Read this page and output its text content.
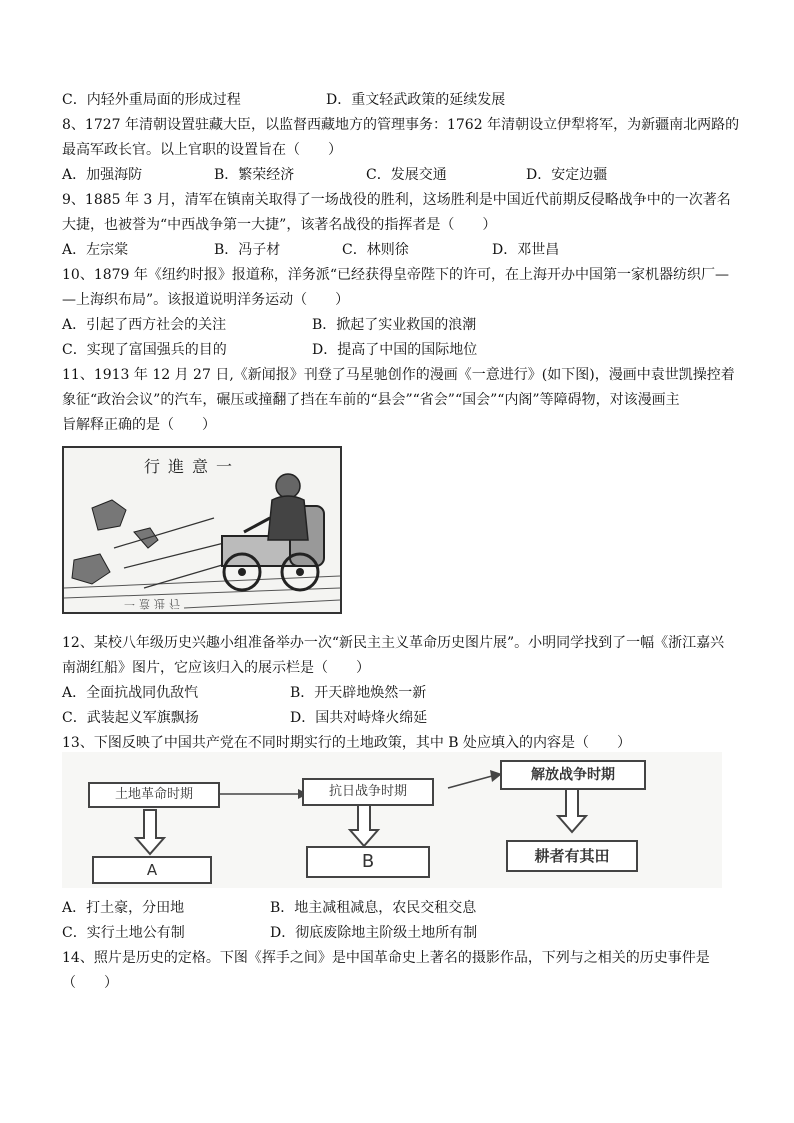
C．内轻外重局面的形成过程	D．重文轻武政策的延续发展
8、1727 年清朝设置驻藏大臣，以监督西藏地方的管理事务：1762 年清朝设立伊犁将军，为新疆南北两路的
最高军政长官。以上官职的设置旨在（　　）
A．加强海防	B．繁荣经济	C．发展交通	D．安定边疆
9、1885 年 3 月，清军在镇南关取得了一场战役的胜利，这场胜利是中国近代前期反侵略战争中的一次著名
大捷，也被誉为“中西战争第一大捷”，该著名战役的指挥者是（　　）
A．左宗棠	B．冯子材	C．林则徐	D．邓世昌
10、1879 年《纽约时报》报道称，洋务派“已经获得皇帝陛下的许可，在上海开办中国第一家机器纺织厂—
—上海织布局”。该报道说明洋务运动（　　）
A．引起了西方社会的关注	B．掀起了实业救国的浪潮
C．实现了富国强兵的目的	D．提高了中国的国际地位
11、1913 年 12 月 27 日,《新闻报》刊登了马星驰创作的漫画《一意进行》(如下图)，漫画中袁世凯操控着
象征“政治会议”的汽车，碾压或撞翻了挡在车前的“县会”“省会”“国会”“内阁”等障碍物，对该漫画主
旨解释正确的是（　　）
行進意一
一意进行
12、某校八年级历史兴趣小组准备举办一次“新民主主义革命历史图片展”。小明同学找到了一幅《浙江嘉兴
南湖红船》图片，它应该归入的展示栏是（　　）
A．全面抗战同仇敌忾	B．开天辟地焕然一新
C．武装起义军旗飘扬	D．国共对峙烽火绵延
13、下图反映了中国共产党在不同时期实行的土地政策，其中 B 处应填入的内容是（　　）
土地革命时期	抗日战争时期
解放战争时期
A	B	耕者有其田
A．打土豪，分田地	B．地主减租减息，农民交租交息
C．实行土地公有制	D．彻底废除地主阶级土地所有制
14、照片是历史的定格。下图《挥手之间》是中国革命史上著名的摄影作品，下列与之相关的历史事件是
（　　）
